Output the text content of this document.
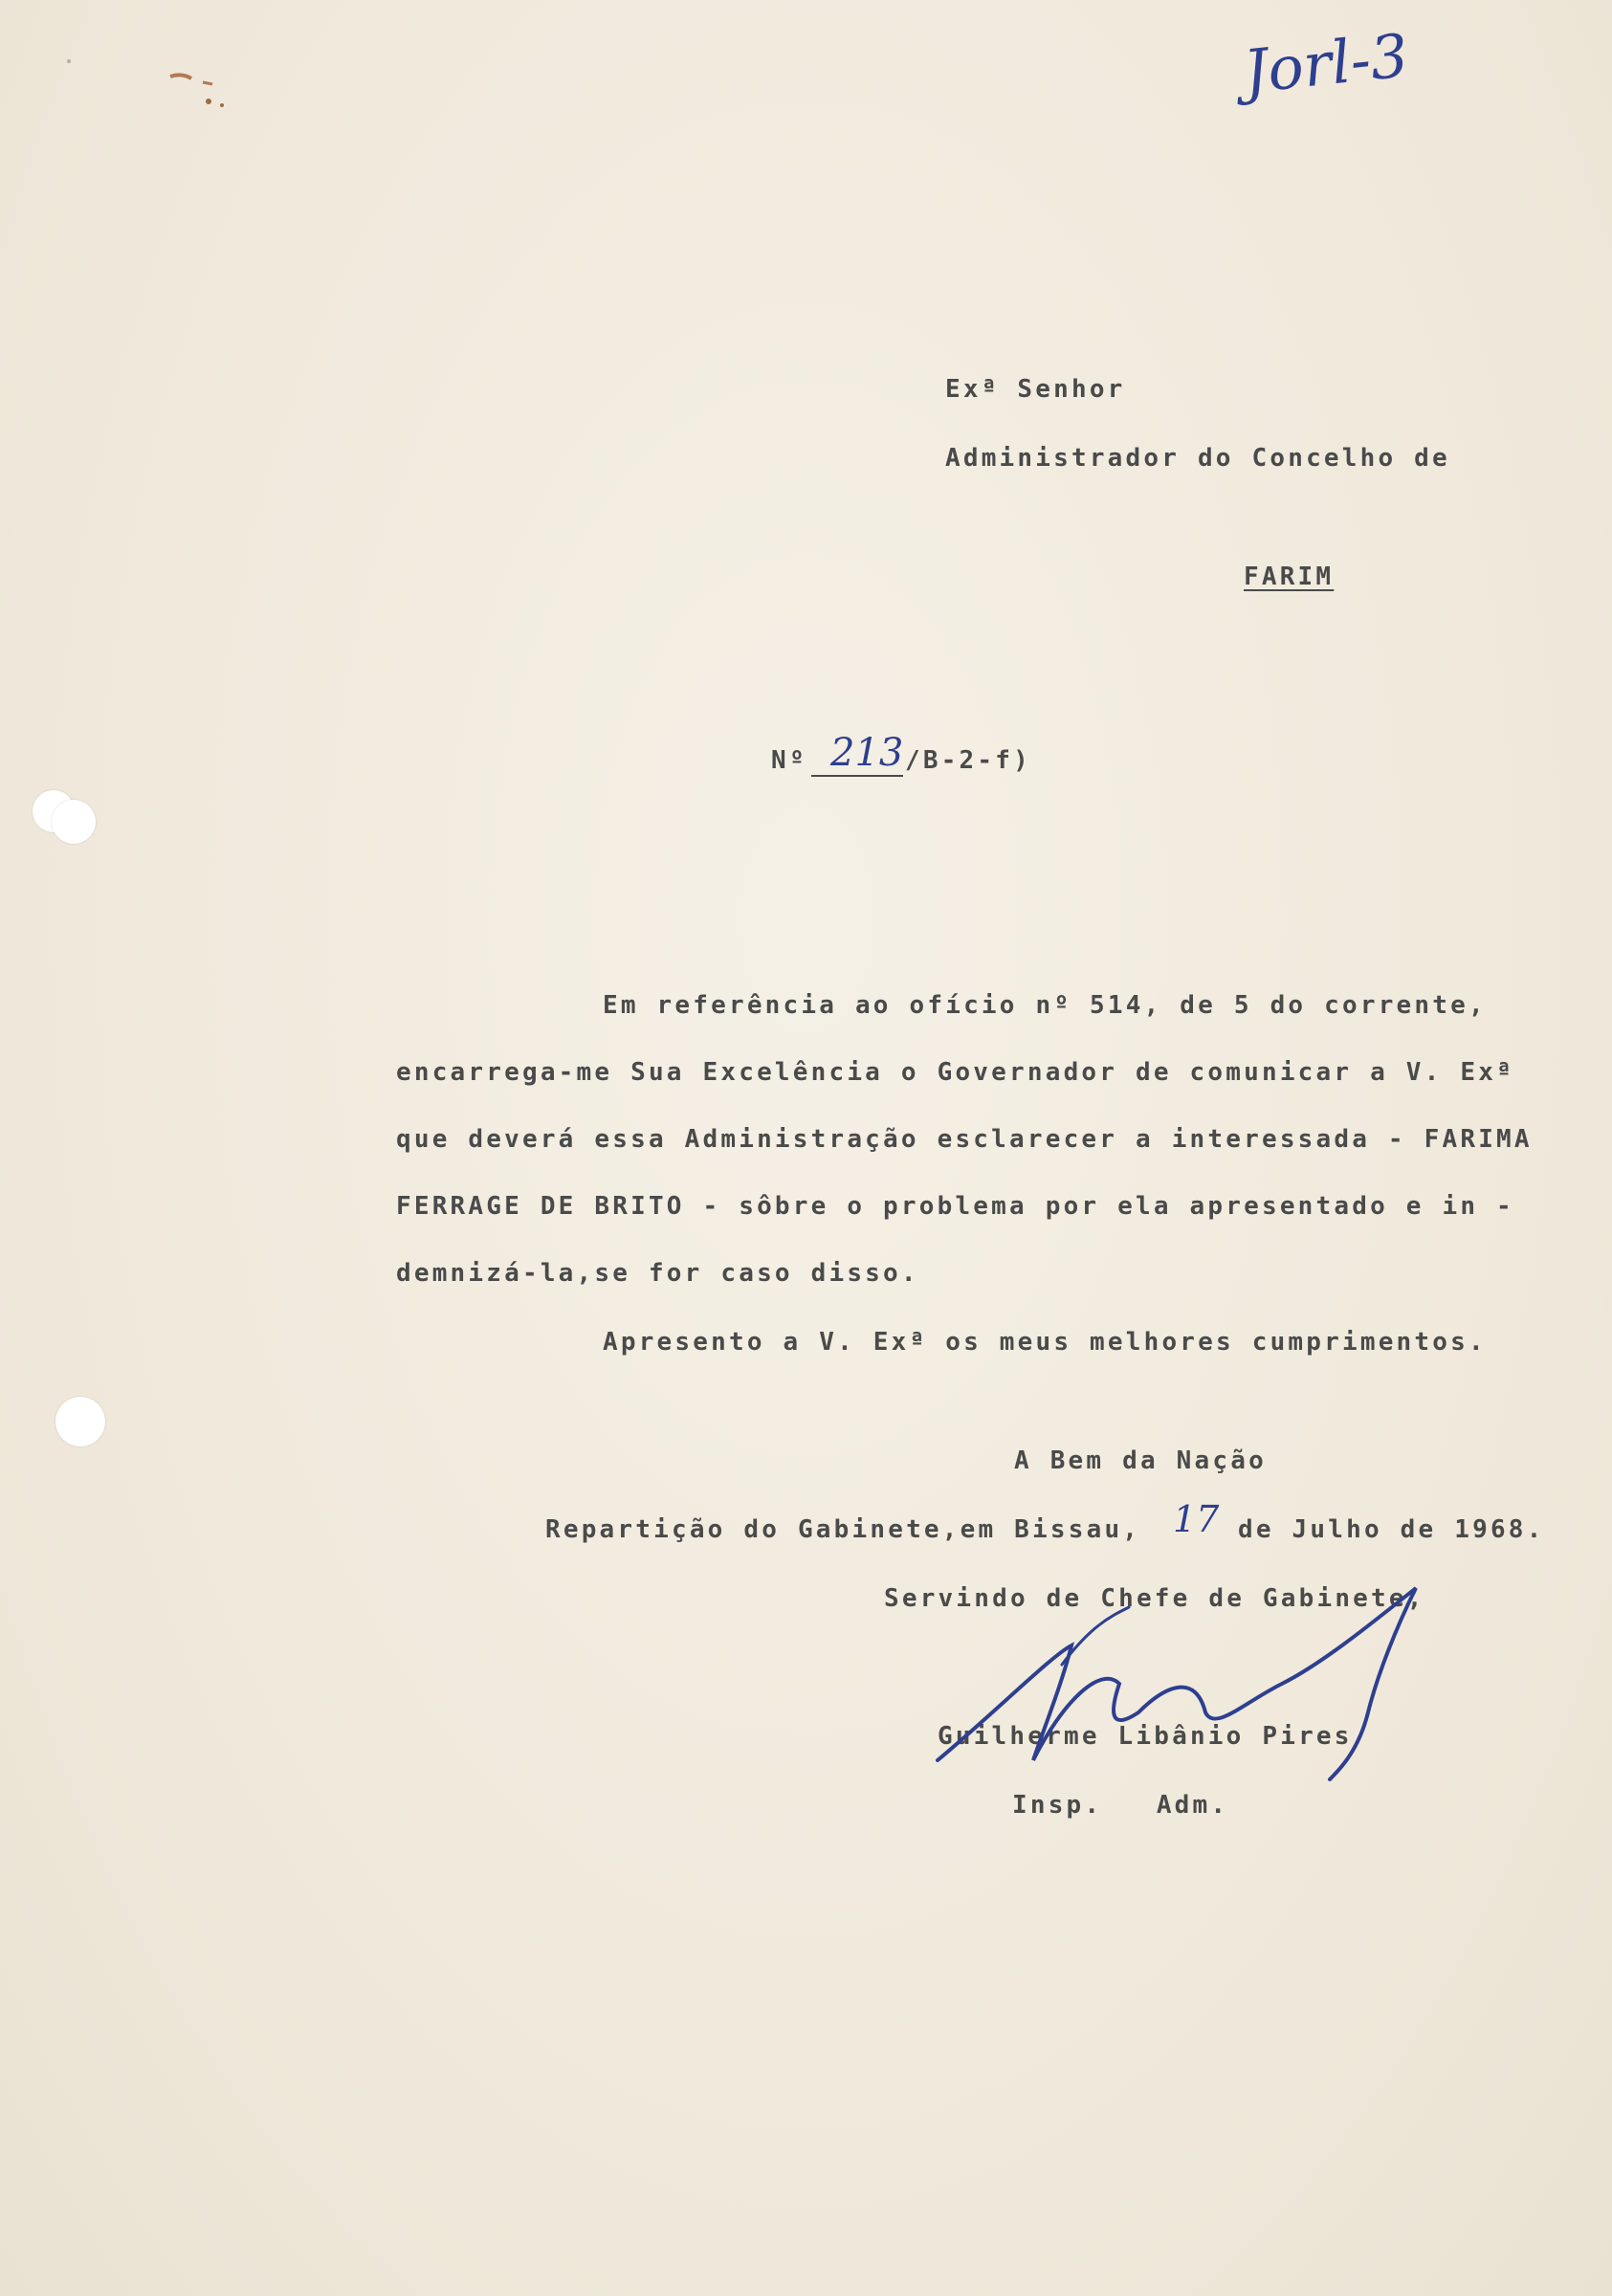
Jorl-3
Exª Senhor
Administrador do Concelho de
FARIM
Nº 213 /B-2-f)
Em referência ao ofício nº 514, de 5 do corrente,
encarrega-me Sua Excelência o Governador de comunicar a V. Exª
que deverá essa Administração esclarecer a interessada - FARIMA
FERRAGE DE BRITO - sôbre o problema por ela apresentado e in -
demnizá-la,se for caso disso.
Apresento a V. Exª os meus melhores cumprimentos.
A Bem da Nação
Repartição do Gabinete,em Bissau, 17 de Julho de 1968.
Servindo de Chefe de Gabinete,
Guilherme Libânio Pires
Insp.   Adm.
